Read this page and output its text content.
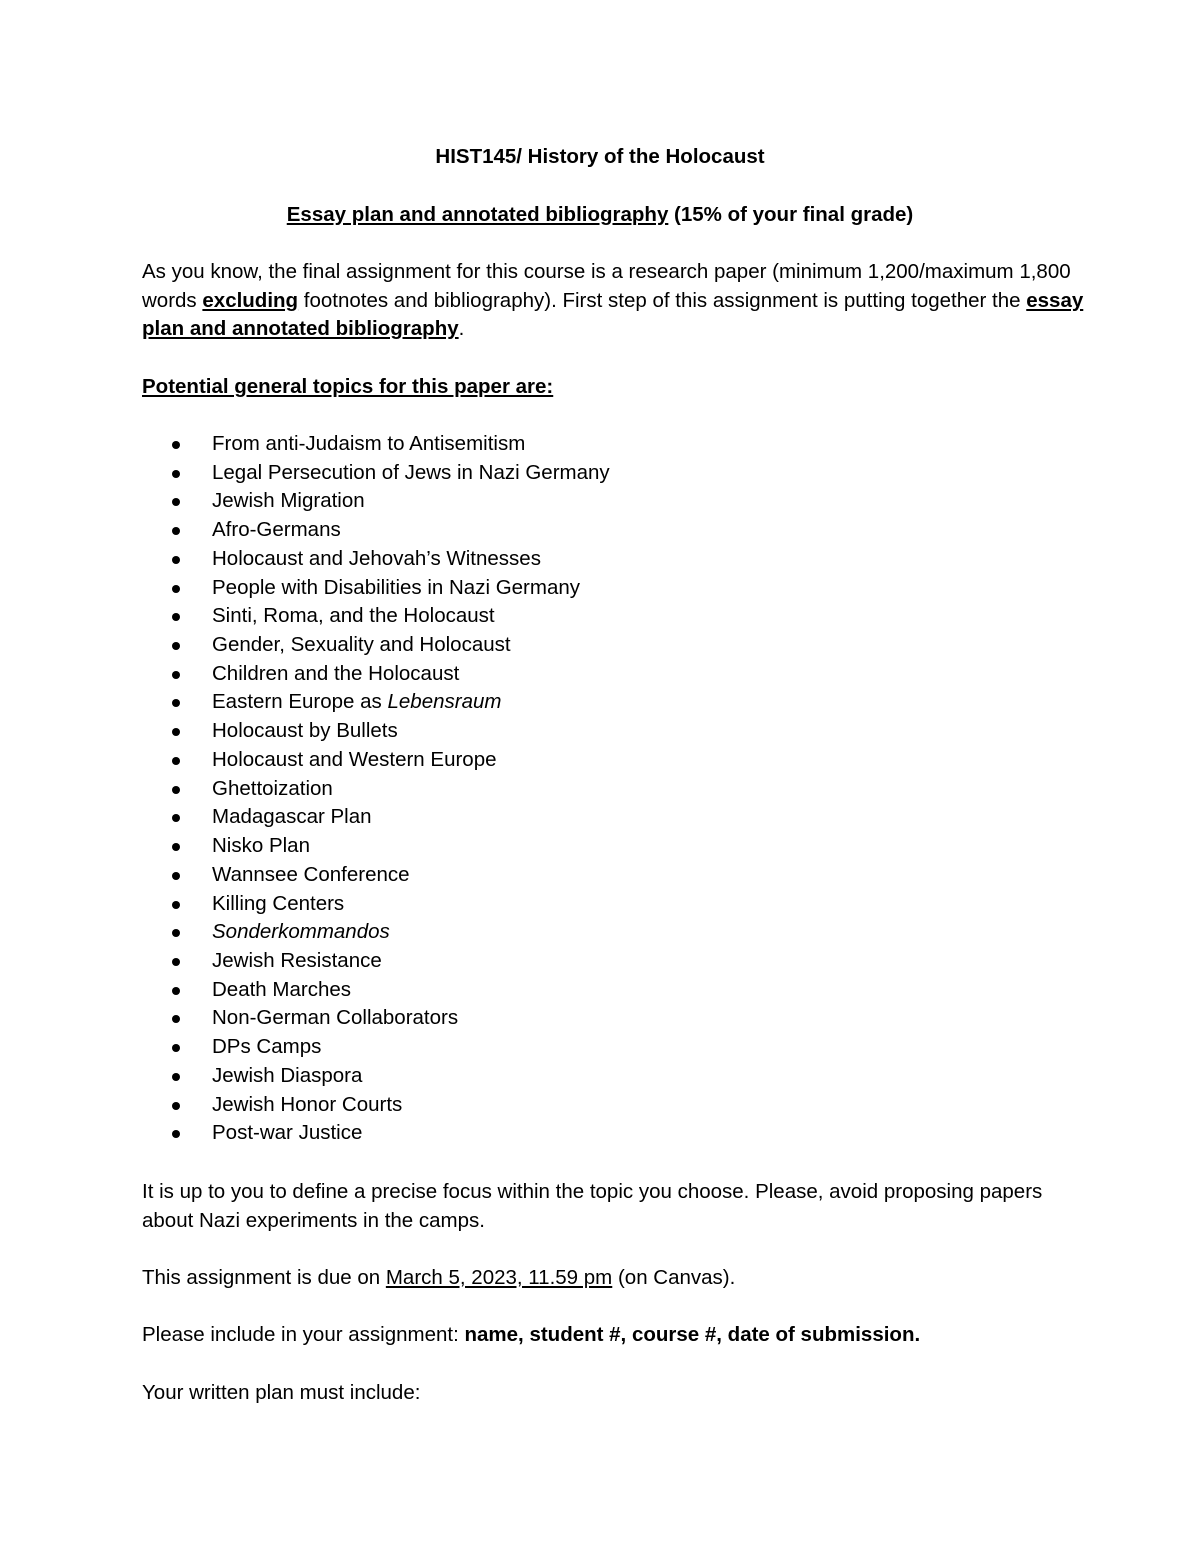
HIST145/ History of the Holocaust
Essay plan and annotated bibliography (15% of your final grade)

As you know, the final assignment for this course is a research paper (minimum 1,200/maximum 1,800 words excluding footnotes and bibliography). First step of this assignment is putting together the essay plan and annotated bibliography.

Potential general topics for this paper are:

From anti-Judaism to Antisemitism
Legal Persecution of Jews in Nazi Germany
Jewish Migration
Afro-Germans
Holocaust and Jehovah’s Witnesses
People with Disabilities in Nazi Germany
Sinti, Roma, and the Holocaust
Gender, Sexuality and Holocaust
Children and the Holocaust
Eastern Europe as Lebensraum
Holocaust by Bullets
Holocaust and Western Europe
Ghettoization
Madagascar Plan
Nisko Plan
Wannsee Conference
Killing Centers
Sonderkommandos
Jewish Resistance
Death Marches
Non-German Collaborators
DPs Camps
Jewish Diaspora
Jewish Honor Courts
Post-war Justice

It is up to you to define a precise focus within the topic you choose. Please, avoid proposing papers about Nazi experiments in the camps.

This assignment is due on March 5, 2023, 11.59 pm (on Canvas).

Please include in your assignment: name, student #, course #, date of submission.

Your written plan must include:
